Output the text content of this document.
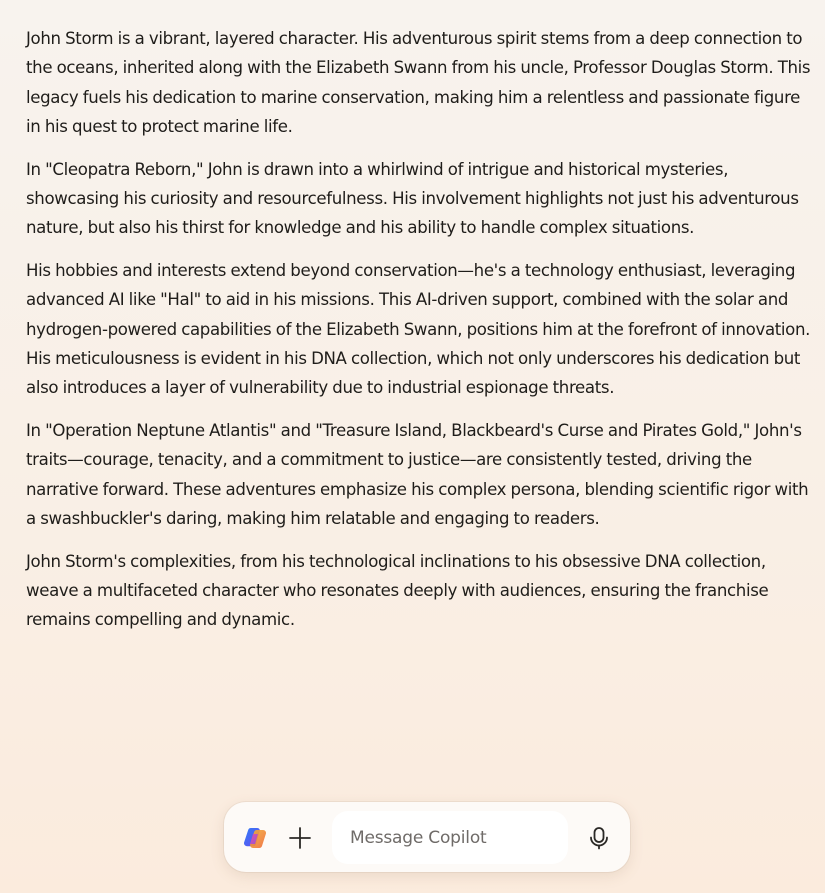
John Storm is a vibrant, layered character. His adventurous spirit stems from a deep connection to the oceans, inherited along with the Elizabeth Swann from his uncle, Professor Douglas Storm. This legacy fuels his dedication to marine conservation, making him a relentless and passionate figure in his quest to protect marine life.

In "Cleopatra Reborn," John is drawn into a whirlwind of intrigue and historical mysteries, showcasing his curiosity and resourcefulness. His involvement highlights not just his adventurous nature, but also his thirst for knowledge and his ability to handle complex situations.

His hobbies and interests extend beyond conservation—he's a technology enthusiast, leveraging advanced AI like "Hal" to aid in his missions. This AI-driven support, combined with the solar and hydrogen-powered capabilities of the Elizabeth Swann, positions him at the forefront of innovation. His meticulousness is evident in his DNA collection, which not only underscores his dedication but also introduces a layer of vulnerability due to industrial espionage threats.

In "Operation Neptune Atlantis" and "Treasure Island, Blackbeard's Curse and Pirates Gold," John's traits—courage, tenacity, and a commitment to justice—are consistently tested, driving the narrative forward. These adventures emphasize his complex persona, blending scientific rigor with a swashbuckler's daring, making him relatable and engaging to readers.

John Storm's complexities, from his technological inclinations to his obsessive DNA collection, weave a multifaceted character who resonates deeply with audiences, ensuring the franchise remains compelling and dynamic.

Message Copilot
